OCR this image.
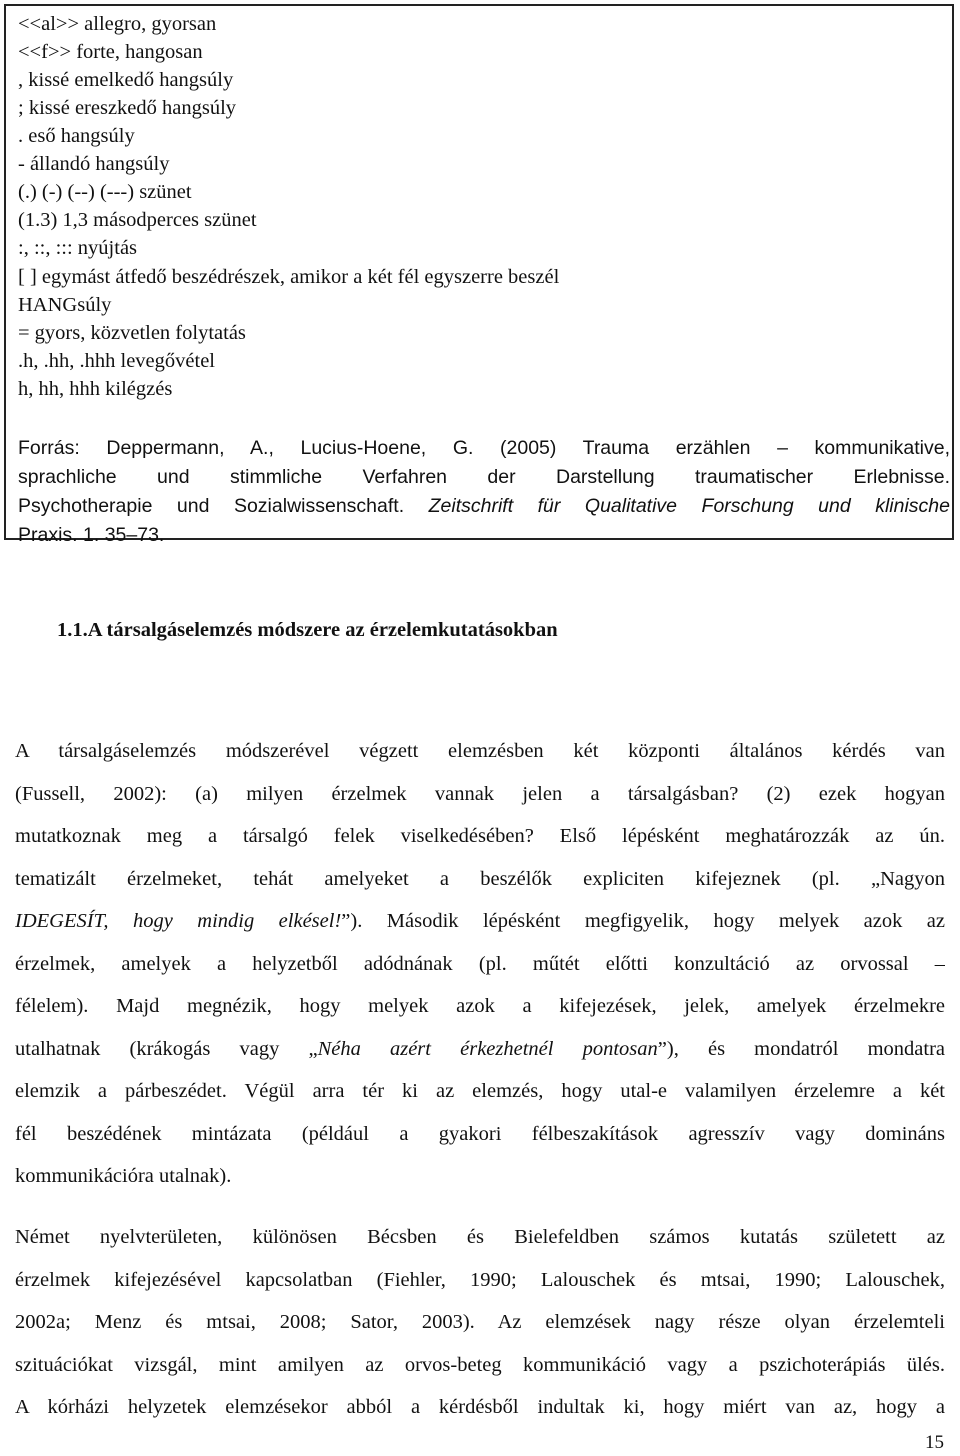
<<al>> allegro, gyorsan
<<f>> forte, hangosan
, kissé emelkedő hangsúly
; kissé ereszkedő hangsúly
. eső hangsúly
- állandó hangsúly
(.) (-) (--) (---) szünet
(1.3) 1,3 másodperces szünet
:, ::, ::: nyújtás
[ ] egymást átfedő beszédrészek, amikor a két fél egyszerre beszél
HANGsúly
= gyors, közvetlen folytatás
.h, .hh, .hhh levegővétel
h, hh, hhh kilégzés
Forrás: Deppermann, A., Lucius-Hoene, G. (2005) Trauma erzählen – kommunikative,
sprachliche und stimmliche Verfahren der Darstellung traumatischer Erlebnisse.
Psychotherapie und Sozialwissenschaft. Zeitschrift für Qualitative Forschung und klinische
Praxis. 1. 35–73.
1.1.A társalgáselemzés módszere az érzelemkutatásokban
A társalgáselemzés módszerével végzett elemzésben két központi általános kérdés van
(Fussell, 2002): (a) milyen érzelmek vannak jelen a társalgásban? (2) ezek hogyan
mutatkoznak meg a társalgó felek viselkedésében? Első lépésként meghatározzák az ún.
tematizált érzelmeket, tehát amelyeket a beszélők expliciten kifejeznek (pl. „Nagyon
IDEGESÍT, hogy mindig elkésel!”). Második lépésként megfigyelik, hogy melyek azok az
érzelmek, amelyek a helyzetből adódnának (pl. műtét előtti konzultáció az orvossal –
félelem). Majd megnézik, hogy melyek azok a kifejezések, jelek, amelyek érzelmekre
utalhatnak (krákogás vagy „Néha azért érkezhetnél pontosan”), és mondatról mondatra
elemzik a párbeszédet. Végül arra tér ki az elemzés, hogy utal-e valamilyen érzelemre a két
fél beszédének mintázata (például a gyakori félbeszakítások agresszív vagy domináns
kommunikációra utalnak).
Német nyelvterületen, különösen Bécsben és Bielefeldben számos kutatás született az
érzelmek kifejezésével kapcsolatban (Fiehler, 1990; Lalouschek és mtsai, 1990; Lalouschek,
2002a; Menz és mtsai, 2008; Sator, 2003). Az elemzések nagy része olyan érzelemteli
szituációkat vizsgál, mint amilyen az orvos-beteg kommunikáció vagy a pszichoterápiás ülés.
A kórházi helyzetek elemzésekor abból a kérdésből indultak ki, hogy miért van az, hogy a
15
